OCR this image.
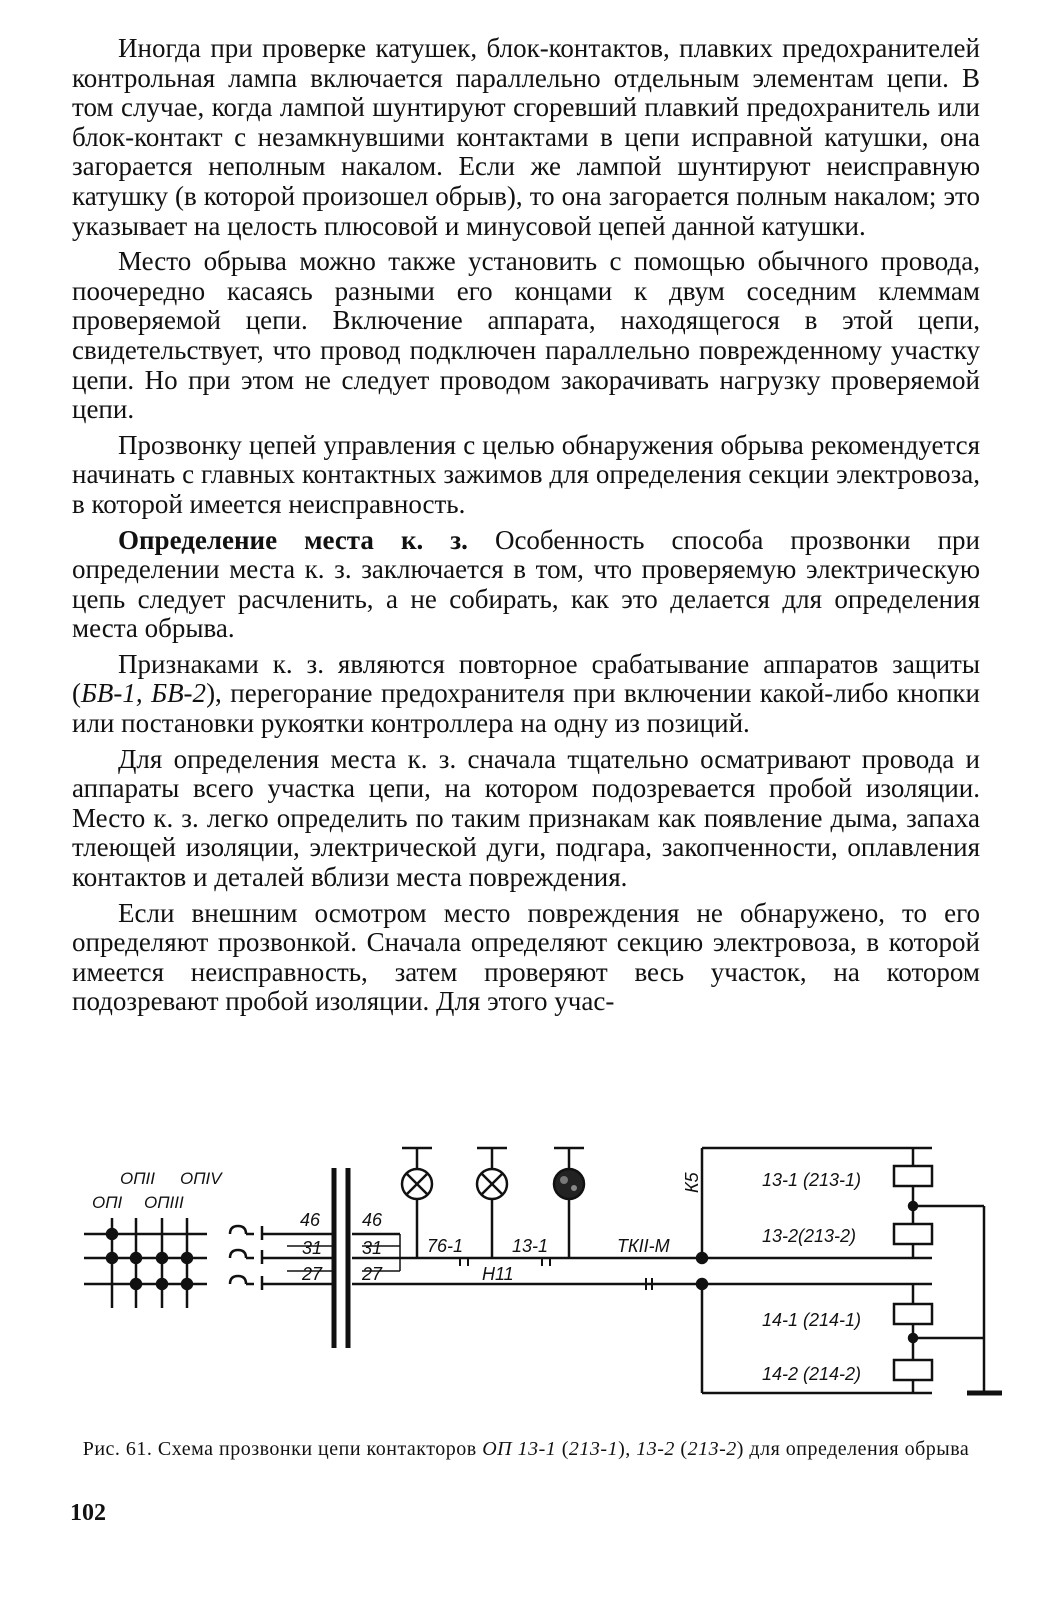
Иногда при проверке катушек, блок-контактов, плавких предохранителей контрольная лампа включается параллельно отдельным элементам цепи. В том случае, когда лампой шунтируют сгоревший плавкий предохранитель или блок-контакт с незамкнувшими контактами в цепи исправной катушки, она загорается неполным накалом. Если же лампой шунтируют неисправную катушку (в которой произошел обрыв), то она загорается полным накалом; это указывает на целость плюсовой и минусовой цепей данной катушки.

Место обрыва можно также установить с помощью обычного провода, поочередно касаясь разными его концами к двум соседним клеммам проверяемой цепи. Включение аппарата, находящегося в этой цепи, свидетельствует, что провод подключен параллельно поврежденному участку цепи. Но при этом не следует проводом закорачивать нагрузку проверяемой цепи.

Прозвонку цепей управления с целью обнаружения обрыва рекомендуется начинать с главных контактных зажимов для определения секции электровоза, в которой имеется неисправность.

Определение места к. з. Особенность способа прозвонки при определении места к. з. заключается в том, что проверяемую электрическую цепь следует расчленить, а не собирать, как это делается для определения места обрыва.

Признаками к. з. являются повторное срабатывание аппаратов защиты (БВ-1, БВ-2), перегорание предохранителя при включении какой-либо кнопки или постановки рукоятки контроллера на одну из позиций.

Для определения места к. з. сначала тщательно осматривают провода и аппараты всего участка цепи, на котором подозревается пробой изоляции. Место к. з. легко определить по таким признакам как появление дыма, запаха тлеющей изоляции, электрической дуги, подгара, закопченности, оплавления контактов и деталей вблизи места повреждения.

Если внешним осмотром место повреждения не обнаружено, то его определяют прозвонкой. Сначала определяют секцию электровоза, в которой имеется неисправность, затем проверяют весь участок, на котором подозревают пробой изоляции. Для этого учас-

ОПII ОПIV
ОПI ОПIII
46
31
27
46
31
27
76-1	13-1
Н11
ТКII-М
К5	13-1 (213-1)
13-2(213-2)
14-1 (214-1)
14-2 (214-2)
Рис. 61. Схема прозвонки цепи контакторов ОП 13-1 (213-1), 13-2 (213-2) для определения обрыва
102
